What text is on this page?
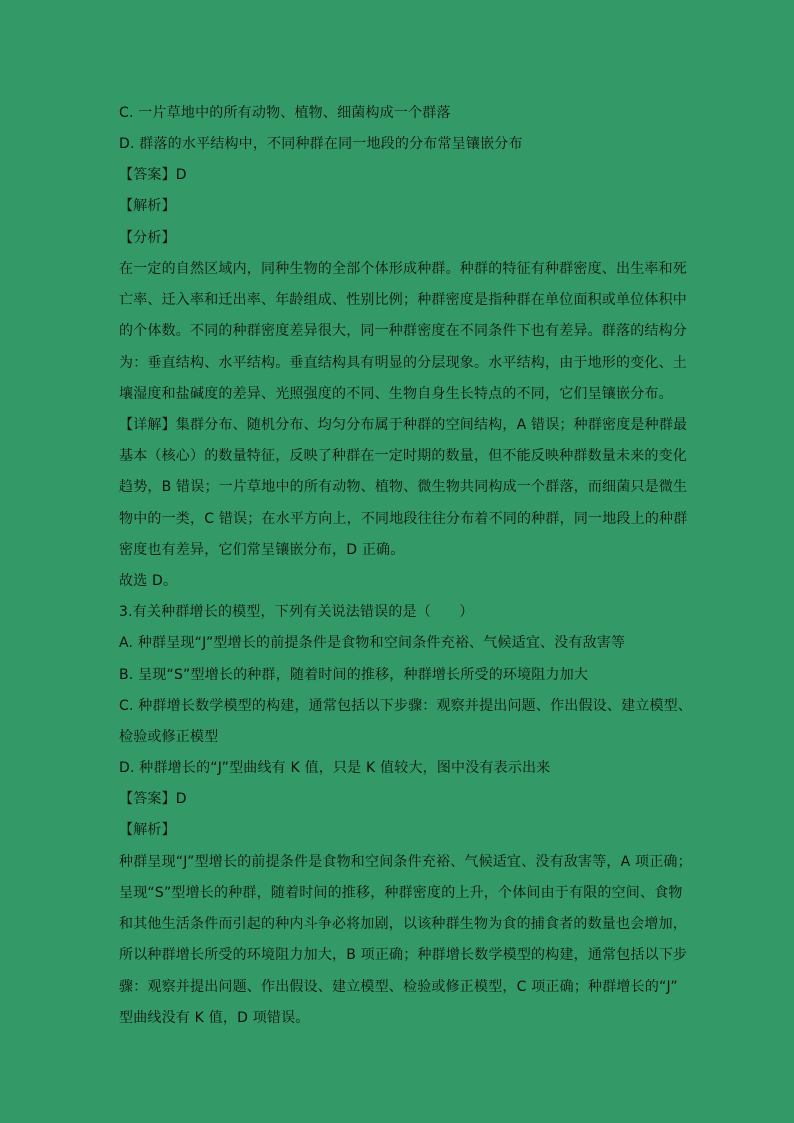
C. 一片草地中的所有动物、植物、细菌构成一个群落
D. 群落的水平结构中，不同种群在同一地段的分布常呈镶嵌分布
【答案】D
【解析】
【分析】
在一定的自然区域内，同种生物的全部个体形成种群。种群的特征有种群密度、出生率和死
亡率、迁入率和迁出率、年龄组成、性别比例；种群密度是指种群在单位面积或单位体积中
的个体数。不同的种群密度差异很大，同一种群密度在不同条件下也有差异。群落的结构分
为：垂直结构、水平结构。垂直结构具有明显的分层现象。水平结构，由于地形的变化、土
壤湿度和盐碱度的差异、光照强度的不同、生物自身生长特点的不同，它们呈镶嵌分布。
【详解】集群分布、随机分布、均匀分布属于种群的空间结构，A 错误；种群密度是种群最
基本（核心）的数量特征，反映了种群在一定时期的数量，但不能反映种群数量未来的变化
趋势，B 错误；一片草地中的所有动物、植物、微生物共同构成一个群落，而细菌只是微生
物中的一类，C 错误；在水平方向上，不同地段往往分布着不同的种群，同一地段上的种群
密度也有差异，它们常呈镶嵌分布，D 正确。
故选 D。
3.有关种群增长的模型，下列有关说法错误的是（　　）
A. 种群呈现“J”型增长的前提条件是食物和空间条件充裕、气候适宜、没有敌害等
B. 呈现“S”型增长的种群，随着时间的推移，种群增长所受的环境阻力加大
C. 种群增长数学模型的构建，通常包括以下步骤：观察并提出问题、作出假设、建立模型、
检验或修正模型
D. 种群增长的“J”型曲线有 K 值，只是 K 值较大，图中没有表示出来
【答案】D
【解析】
种群呈现“J”型增长的前提条件是食物和空间条件充裕、气候适宜、没有敌害等，A 项正确；
呈现“S”型增长的种群，随着时间的推移，种群密度的上升，个体间由于有限的空间、食物
和其他生活条件而引起的种内斗争必将加剧，以该种群生物为食的捕食者的数量也会增加，
所以种群增长所受的环境阻力加大，B 项正确；种群增长数学模型的构建，通常包括以下步
骤：观察并提出问题、作出假设、建立模型、检验或修正模型，C 项正确；种群增长的“J”
型曲线没有 K 值，D 项错误。
